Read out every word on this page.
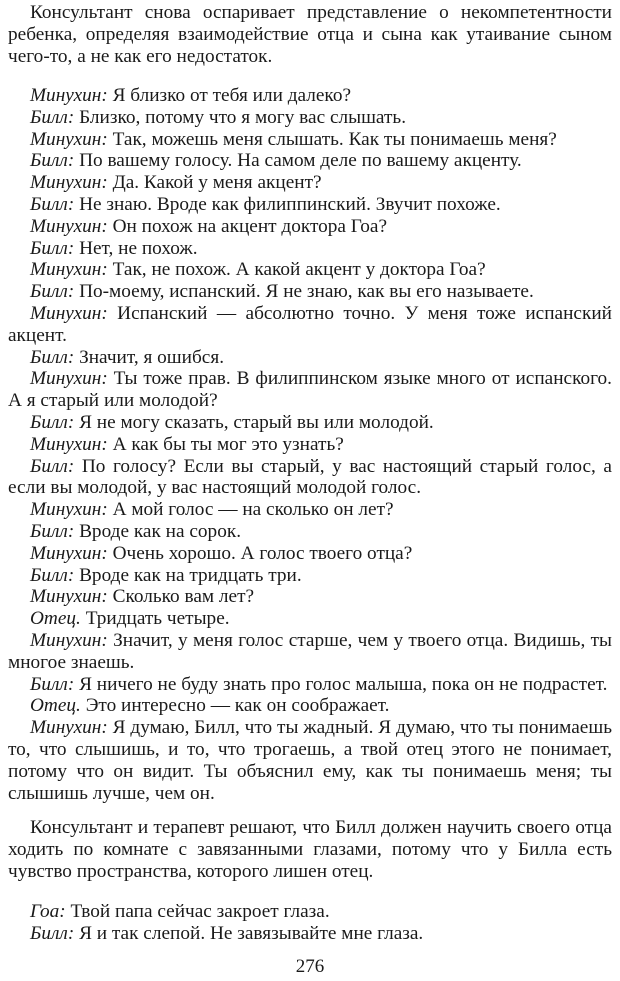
Консультант снова оспаривает представление о некомпетентности ребенка, определяя взаимодействие отца и сына как утаивание сыном чего-то, а не как его недостаток.

Минухин: Я близко от тебя или далеко?

Билл: Близко, потому что я могу вас слышать.

Минухин: Так, можешь меня слышать. Как ты понимаешь меня?

Билл: По вашему голосу. На самом деле по вашему акценту.

Минухин: Да. Какой у меня акцент?

Билл: Не знаю. Вроде как филиппинский. Звучит похоже.

Минухин: Он похож на акцент доктора Гоа?

Билл: Нет, не похож.

Минухин: Так, не похож. А какой акцент у доктора Гоа?

Билл: По-моему, испанский. Я не знаю, как вы его называете.

Минухин: Испанский — абсолютно точно. У меня тоже испанский акцент.

Билл: Значит, я ошибся.

Минухин: Ты тоже прав. В филиппинском языке много от испанского. А я старый или молодой?

Билл: Я не могу сказать, старый вы или молодой.

Минухин: А как бы ты мог это узнать?

Билл: По голосу? Если вы старый, у вас настоящий старый голос, а если вы молодой, у вас настоящий молодой голос.

Минухин: А мой голос — на сколько он лет?

Билл: Вроде как на сорок.

Минухин: Очень хорошо. А голос твоего отца?

Билл: Вроде как на тридцать три.

Минухин: Сколько вам лет?

Отец. Тридцать четыре.

Минухин: Значит, у меня голос старше, чем у твоего отца. Видишь, ты многое знаешь.

Билл: Я ничего не буду знать про голос малыша, пока он не подрастет.

Отец. Это интересно — как он соображает.

Минухин: Я думаю, Билл, что ты жадный. Я думаю, что ты понимаешь то, что слышишь, и то, что трогаешь, а твой отец этого не понимает, потому что он видит. Ты объяснил ему, как ты понимаешь меня; ты слышишь лучше, чем он.

Консультант и терапевт решают, что Билл должен научить своего отца ходить по комнате с завязанными глазами, потому что у Билла есть чувство пространства, которого лишен отец.

Гоа: Твой папа сейчас закроет глаза.

Билл: Я и так слепой. Не завязывайте мне глаза.

276
